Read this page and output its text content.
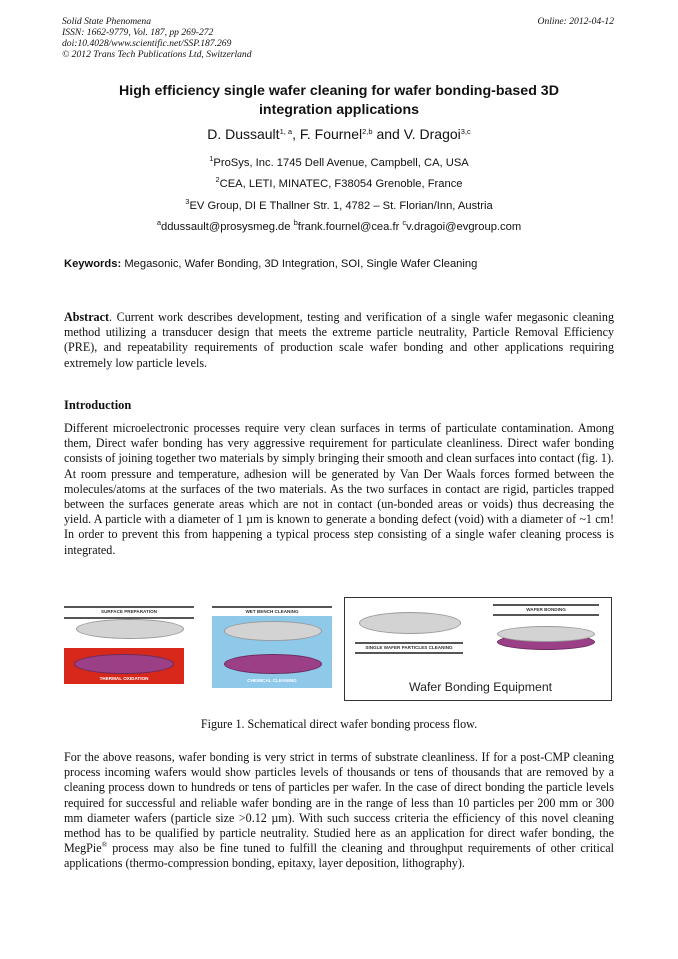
Solid State Phenomena
ISSN: 1662-9779, Vol. 187, pp 269-272
doi:10.4028/www.scientific.net/SSP.187.269
© 2012 Trans Tech Publications Ltd, Switzerland
Online: 2012-04-12
High efficiency single wafer cleaning for wafer bonding-based 3D
integration applications
D. Dussault$^{1, a}$, F. Fournel$^{2,b}$ and V. Dragoi$^{3,c}$
$^1$ProSys, Inc. 1745 Dell Avenue, Campbell, CA, USA
$^2$CEA, LETI, MINATEC, F38054 Grenoble, France
$^3$EV Group, DI E Thallner Str. 1, 4782 – St. Florian/Inn, Austria
$^a$ddussault@prosysmeg.de $^b$frank.fournel@cea.fr $^c$v.dragoi@evgroup.com
Keywords: Megasonic, Wafer Bonding, 3D Integration, SOI, Single Wafer Cleaning

Abstract. Current work describes development, testing and verification of a single wafer megasonic cleaning method utilizing a transducer design that meets the extreme particle neutrality, Particle Removal Efficiency (PRE), and repeatability requirements of production scale wafer bonding and other applications requiring extremely low particle levels.

Introduction

Different microelectronic processes require very clean surfaces in terms of particulate contamination. Among them, Direct wafer bonding has very aggressive requirement for particulate cleanliness. Direct wafer bonding consists of joining together two materials by simply bringing their smooth and clean surfaces into contact (fig. 1). At room pressure and temperature, adhesion will be generated by Van Der Waals forces formed between the molecules/atoms at the surfaces of the two materials. As the two surfaces in contact are rigid, particles trapped between the surfaces generate areas which are not in contact (un-bonded areas or voids) thus decreasing the yield. A particle with a diameter of 1 µm is known to generate a bonding defect (void) with a diameter of ~1 cm! In order to prevent this from happening a typical process step consisting of a single wafer cleaning process is integrated.

SURFACE PREPARATION
THERMAL OXIDATION
WET BENCH CLEANING
CHEMICAL CLEANING
SINGLE WAFER PARTICLES CLEANING
WAFER BONDING
Wafer Bonding Equipment
Figure 1. Schematical direct wafer bonding process flow.

For the above reasons, wafer bonding is very strict in terms of substrate cleanliness. If for a post-CMP cleaning process incoming wafers would show particles levels of thousands or tens of thousands that are removed by a cleaning process down to hundreds or tens of particles per wafer. In the case of direct bonding the particle levels required for successful and reliable wafer bonding are in the range of less than 10 particles per 200 mm or 300 mm diameter wafers (particle size >0.12 µm). With such success criteria the efficiency of this novel cleaning method has to be qualified by particle neutrality. Studied here as an application for direct wafer bonding, the MegPie® process may also be fine tuned to fulfill the cleaning and throughput requirements of other critical applications (thermo-compression bonding, epitaxy, layer deposition, lithography).
